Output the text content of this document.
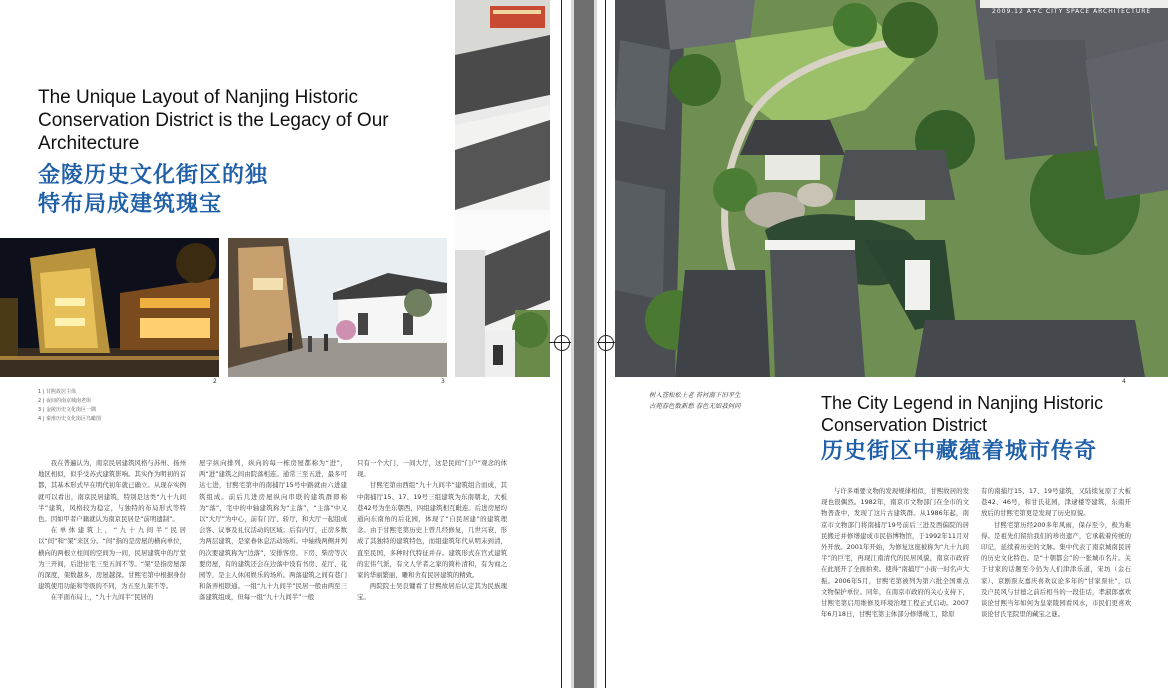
The Unique Layout of Nanjing Historic Conservation District is the Legacy of Our Architecture
金陵历史文化街区的独特布局成建筑瑰宝
2	3
1 | 甘熙故居主体
2 | 夜间的南京城南老街
3 | 金陵历史文化街区一隅
4 | 秦淮历史文化街区鸟瞰图

我在普遍认为，南京民居建筑风格与苏州、扬州地区相似，似乎受苏式建筑影响。其实作为明初的首都，其基本形式早在明代初年就已确立。从现存实例就可以看出，南京民居建筑，特别是这类“九十九间半”建筑，风格较为稳定，与独特的布局形式等特色。因如甲者户籍就认为南京民居是“前明遗制”。

在单体建筑上，“九十九间半”民居以“间”和“架”来区分。“间”指的是房屋的横向单位，横向的两根立柱间的空间为一间，民居建筑中的厅堂为三开间，后进住宅三至五间不等。“架”是指房屋深的深度，架数越多，房屋越深。甘熙宅第中根据身份建筑使用功能和等级的不同，为五至九架不等。

在平面布局上，“九十九间半”民居的

屋宇纵向排列，纵向的每一栋房屋都称为“进”，两“进”建筑之间由院落相连。通常三至五进，最多可达七进，甘熙宅第中的南捕厅15号中路就由六进建筑组成。前后几进房屋纵向串联的建筑群即称为“落”，宅中的中轴建筑称为“主落”，“主落”中又以“大厅”为中心，前有门厅、轿厅，和大厅一起组成会客、议事及礼仪活动的区域；后有内厅，正房多数为两层建筑，是家眷休息活动场所。中轴线两侧并列的次要建筑称为“边落”，安排客房、下房、柴房等次要房屋，有的建筑还会在边落中设有书房、花厅、花园等，是主人休闲娱乐的场所。两落建筑之间有巷门和备弄相联通。一组“九十九间半”民居一般由两至三落建筑组成，但每一组“九十九间半”一般

只有一个大门，一间大厅，这是民间“门户”观念的体现。

甘熙宅第由西组“九十九间半”建筑组合而成，其中南捕厅15、17、19号三组建筑为东南朝北，大板巷42号为坐东朝西，四组建筑相互毗连。后进房屋均通向东南角的后花园，体现了“自民居建”的建筑理念。由于甘熙宅第历史上曾几经修复，几世兴衰，形成了其独特的建筑特色，而组建筑年代从明末到清，直至民国，多种时代特征并存。建筑形式在官式建筑的宏伟气派，有文人学者之家的简朴清和，有为商之家的华丽繁丽，雕和舍有民居建筑的精致。

两院院士吴良镛看了甘熙故居后认定其为民族瑰宝。

2009.12 A+C CITY SPACE ARCHITECTURE
4
树入苍松松上老 苔衬南下旧平生
古苑春色数新愁 春色无如我何问	The City Legend in Nanjing Historic Conservation District
历史街区中藏蕴着城市传奇

与许多重要文物的发现规律相似，甘熙故居的发现也很偶然。1982年，南京市文物部门在全市的文物普查中，发现了这片古建筑群。从1986年起，南京市文物部门将南捕厅19号前后三进及西偏院的居民搬迁并修缮建成市民俗博物馆，于1992年11月对外开放。2001年开始，为修复这座被称为“九十九间半”的巨宅，再现江南清代的民居风貌，南京市政府在此展开了全面拍卖。使得“南捕厅”小街一时名声大振。2006年5月，甘熙宅第被列为第六批全国重点文物保护单位。同年，在南京市政府的关心支持下，甘熙宅第启用维修及环境治理工程正式启动。2007年6月18日，甘熙宅第主体部分修缮竣工，除原

有的南捕厅15、17、19号建筑，又陆续复原了大板巷42、46号，和甘氏花园，津逮楼等建筑，东南开放后的甘熙宅第更是发现了历史原貌。

甘熙宅第历经200多年风雨，保存至今，极为难得。是祖先们留给我们的珍贵遗产，它承载着传统的印记，延续着历史的文脉。集中代表了南京城南民居的历史文化特色。是“十朝都会”的一张城市名片。关于甘家的话题至今仍为人们津津乐道，宋坊（金石家）、京剧票友嘉庆喜欢议论多年的“甘家票社”，以及户民风与甘德之前后相当的一段佳话，孝淑郎嘉欢谈论甘熙当年如何为皇家陵园看风水，市民们更喜欢谈论甘氏宅院里的藏宝之谜。
